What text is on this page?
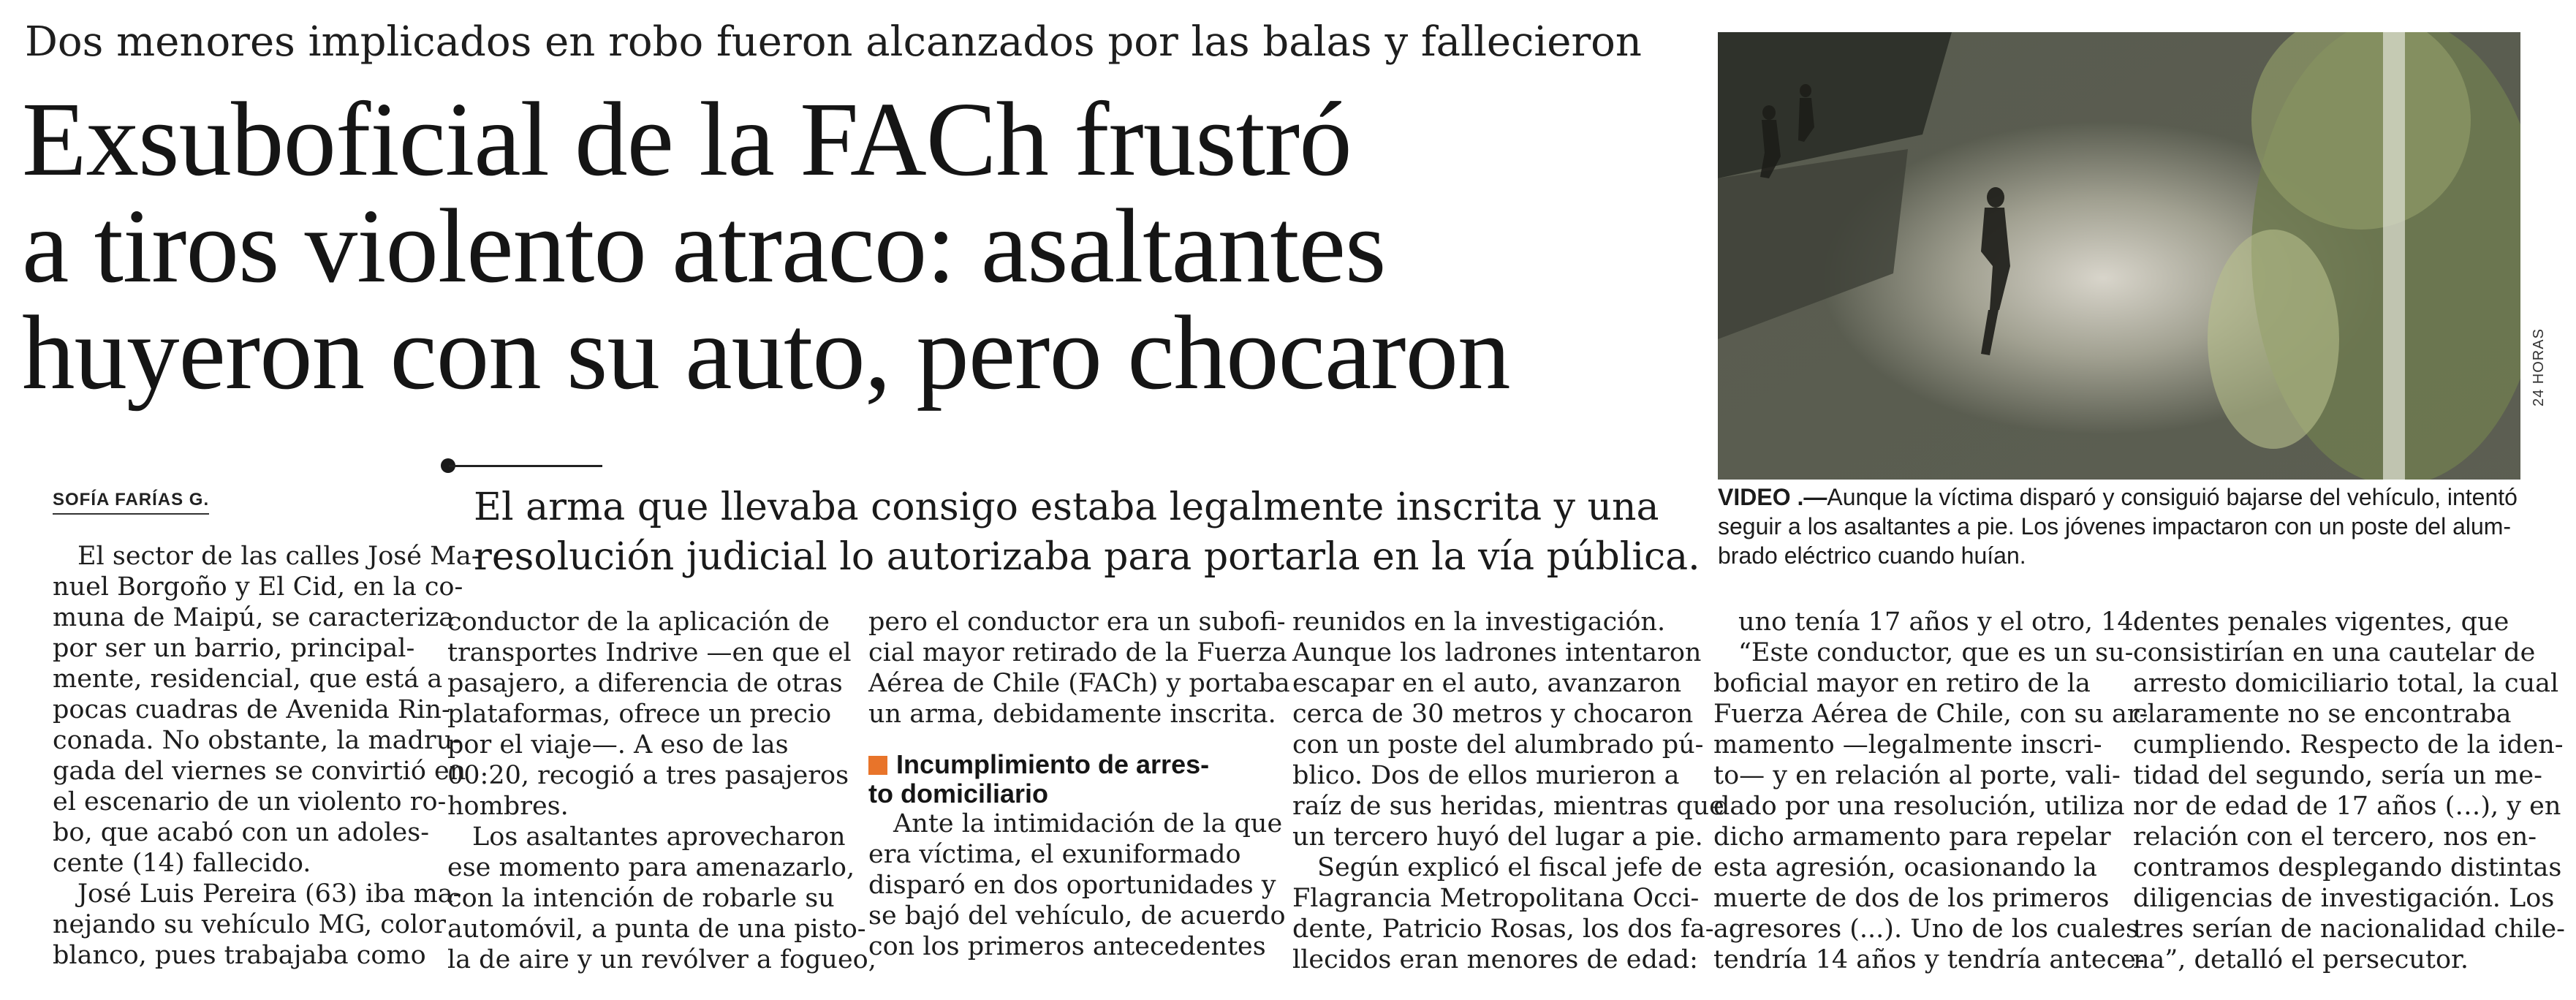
Dos menores implicados en robo fueron alcanzados por las balas y fallecieron
Exsuboficial de la FACh frustró
a tiros violento atraco: asaltantes
huyeron con su auto, pero chocaron
SOFÍA FARÍAS G.	El arma que llevaba consigo estaba legalmente inscrita y una
resolución judicial lo autorizaba para portarla en la vía pública.
24 HORAS
VIDEO .—Aunque la víctima disparó y consiguió bajarse del vehículo, intentó
seguir a los asaltantes a pie. Los jóvenes impactaron con un poste del alum-
brado eléctrico cuando huían.

El sector de las calles José Ma-

nuel Borgoño y El Cid, en la co-

muna de Maipú, se caracteriza

por ser un barrio, principal-

mente, residencial, que está a

pocas cuadras de Avenida Rin-

conada. No obstante, la madru-

gada del viernes se convirtió en

el escenario de un violento ro-

bo, que acabó con un adoles-

cente (14) fallecido.

José Luis Pereira (63) iba ma-

nejando su vehículo MG, color

blanco, pues trabajaba como

conductor de la aplicación de

transportes Indrive —en que el

pasajero, a diferencia de otras

plataformas, ofrece un precio

por el viaje—. A eso de las

00:20, recogió a tres pasajeros

hombres.

Los asaltantes aprovecharon

ese momento para amenazarlo,

con la intención de robarle su

automóvil, a punta de una pisto-

la de aire y un revólver a fogueo,

pero el conductor era un subofi-

cial mayor retirado de la Fuerza

Aérea de Chile (FACh) y portaba

un arma, debidamente inscrita.

Incumplimiento de arres-
to domiciliario

Ante la intimidación de la que

era víctima, el exuniformado

disparó en dos oportunidades y

se bajó del vehículo, de acuerdo

con los primeros antecedentes

reunidos en la investigación.

Aunque los ladrones intentaron

escapar en el auto, avanzaron

cerca de 30 metros y chocaron

con un poste del alumbrado pú-

blico. Dos de ellos murieron a

raíz de sus heridas, mientras que

un tercero huyó del lugar a pie.

Según explicó el fiscal jefe de

Flagrancia Metropolitana Occi-

dente, Patricio Rosas, los dos fa-

llecidos eran menores de edad:

uno tenía 17 años y el otro, 14.

“Este conductor, que es un su-

boficial mayor en retiro de la

Fuerza Aérea de Chile, con su ar-

mamento —legalmente inscri-

to— y en relación al porte, vali-

dado por una resolución, utiliza

dicho armamento para repelar

esta agresión, ocasionando la

muerte de dos de los primeros

agresores (...). Uno de los cuales

tendría 14 años y tendría antece-

dentes penales vigentes, que

consistirían en una cautelar de

arresto domiciliario total, la cual

claramente no se encontraba

cumpliendo. Respecto de la iden-

tidad del segundo, sería un me-

nor de edad de 17 años (…), y en

relación con el tercero, nos en-

contramos desplegando distintas

diligencias de investigación. Los

tres serían de nacionalidad chile-

na”, detalló el persecutor.
